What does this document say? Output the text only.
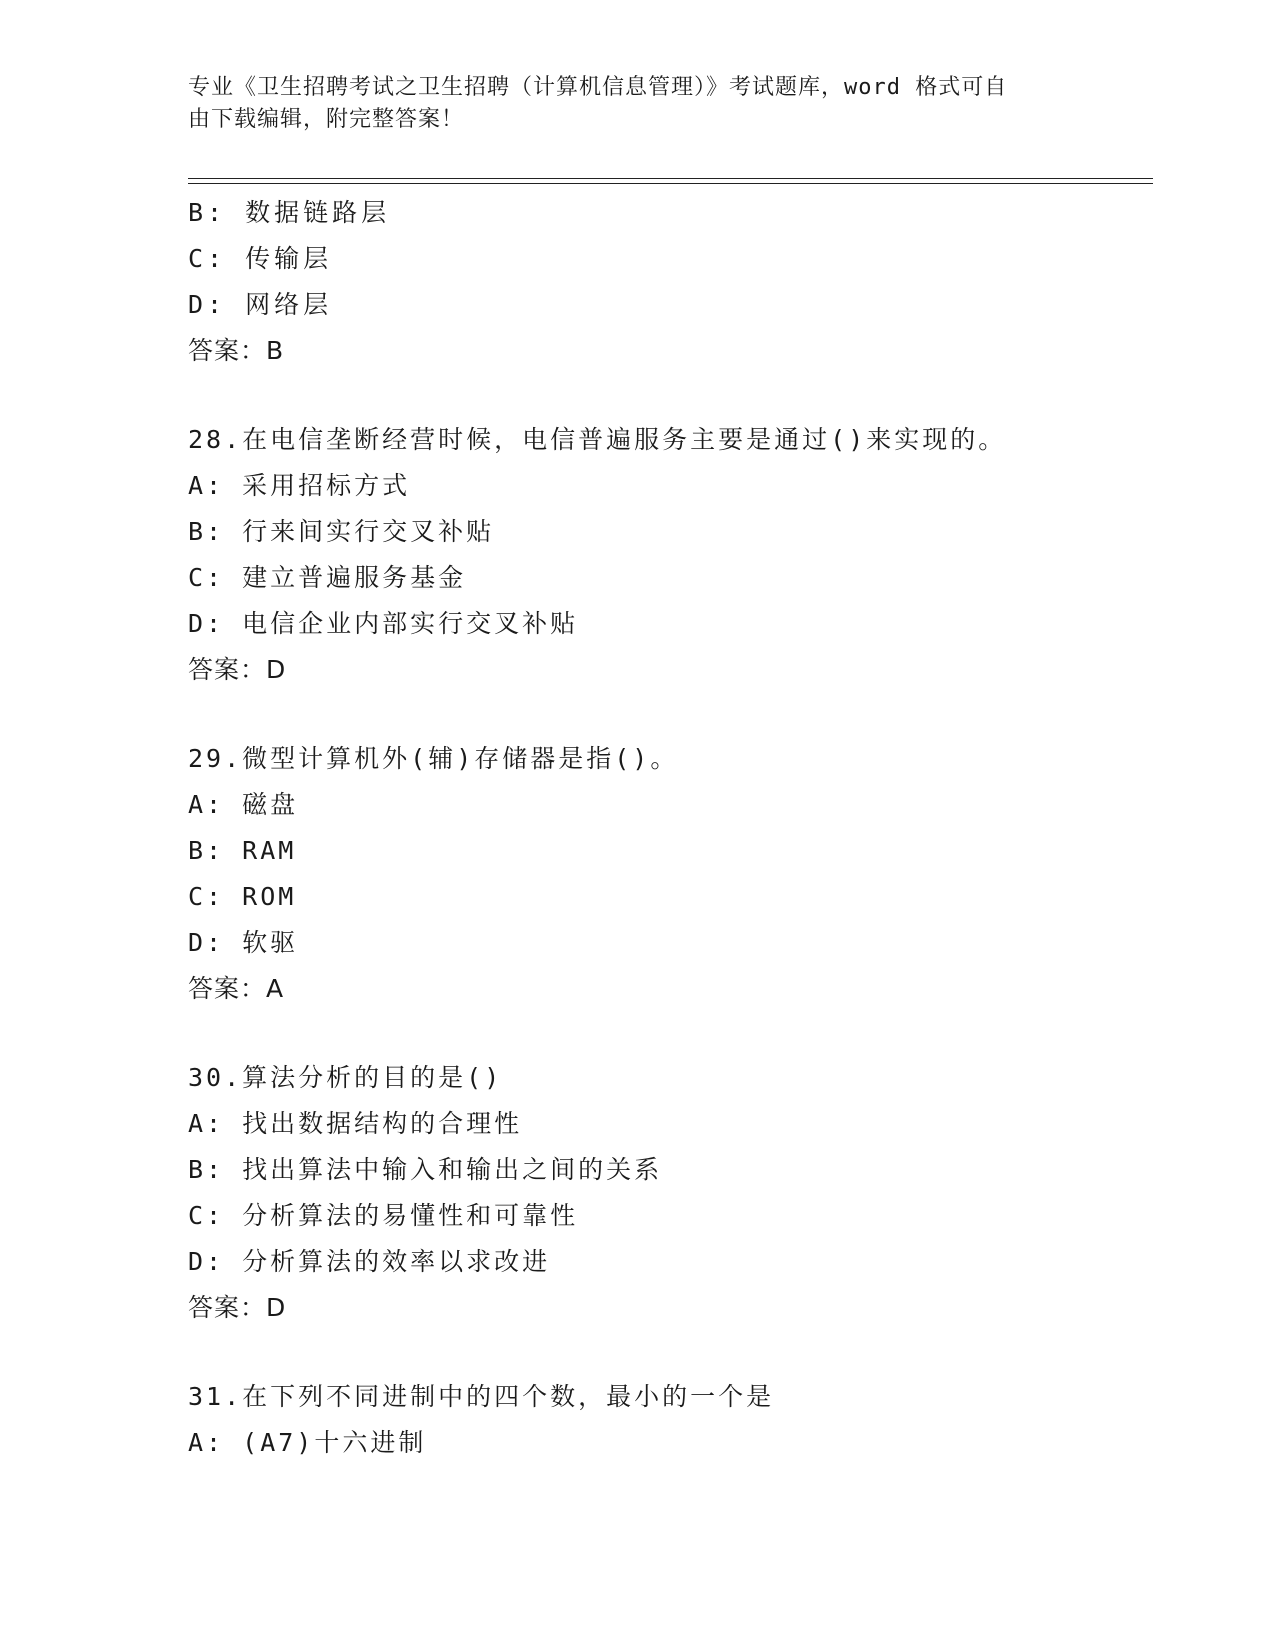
专业《卫生招聘考试之卫生招聘（计算机信息管理）》考试题库，word 格式可自
由下载编辑，附完整答案！
B: 数据链路层
C: 传输层
D: 网络层
答案：B
28.在电信垄断经营时候，电信普遍服务主要是通过()来实现的。
A: 采用招标方式
B: 行来间实行交叉补贴
C: 建立普遍服务基金
D: 电信企业内部实行交叉补贴
答案：D
29.微型计算机外(辅)存储器是指()。
A: 磁盘
B: RAM
C: ROM
D: 软驱
答案：A
30.算法分析的目的是()
A: 找出数据结构的合理性
B: 找出算法中输入和输出之间的关系
C: 分析算法的易懂性和可靠性
D: 分析算法的效率以求改进
答案：D
31.在下列不同进制中的四个数，最小的一个是
A: (A7)十六进制
